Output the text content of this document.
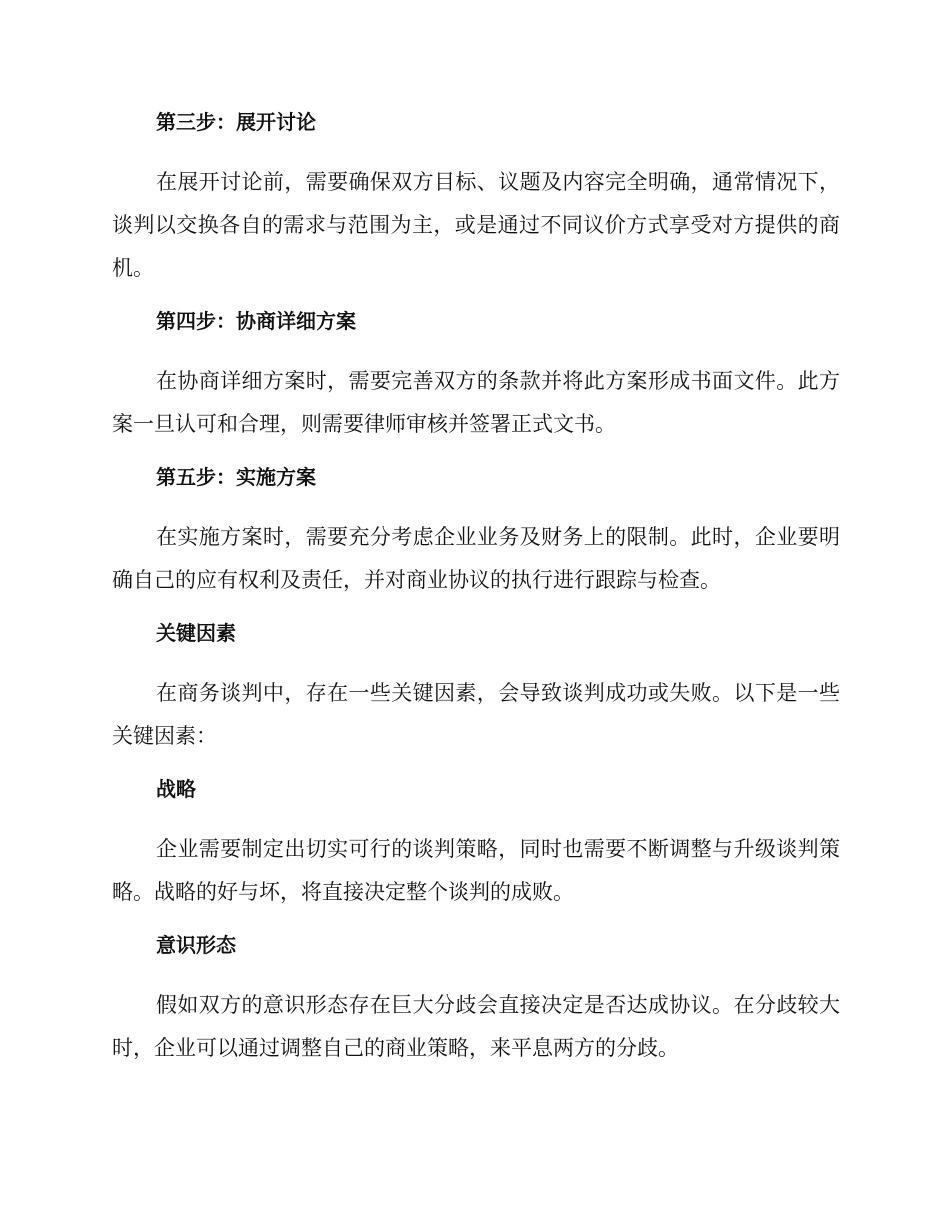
第三步：展开讨论

在展开讨论前，需要确保双方目标、议题及内容完全明确，通常情况下，谈判以交换各自的需求与范围为主，或是通过不同议价方式享受对方提供的商机。

第四步：协商详细方案

在协商详细方案时，需要完善双方的条款并将此方案形成书面文件。此方案一旦认可和合理，则需要律师审核并签署正式文书。

第五步：实施方案

在实施方案时，需要充分考虑企业业务及财务上的限制。此时，企业要明确自己的应有权利及责任，并对商业协议的执行进行跟踪与检查。

关键因素

在商务谈判中，存在一些关键因素，会导致谈判成功或失败。以下是一些关键因素：

战略

企业需要制定出切实可行的谈判策略，同时也需要不断调整与升级谈判策略。战略的好与坏，将直接决定整个谈判的成败。

意识形态

假如双方的意识形态存在巨大分歧会直接决定是否达成协议。在分歧较大时，企业可以通过调整自己的商业策略，来平息两方的分歧。
